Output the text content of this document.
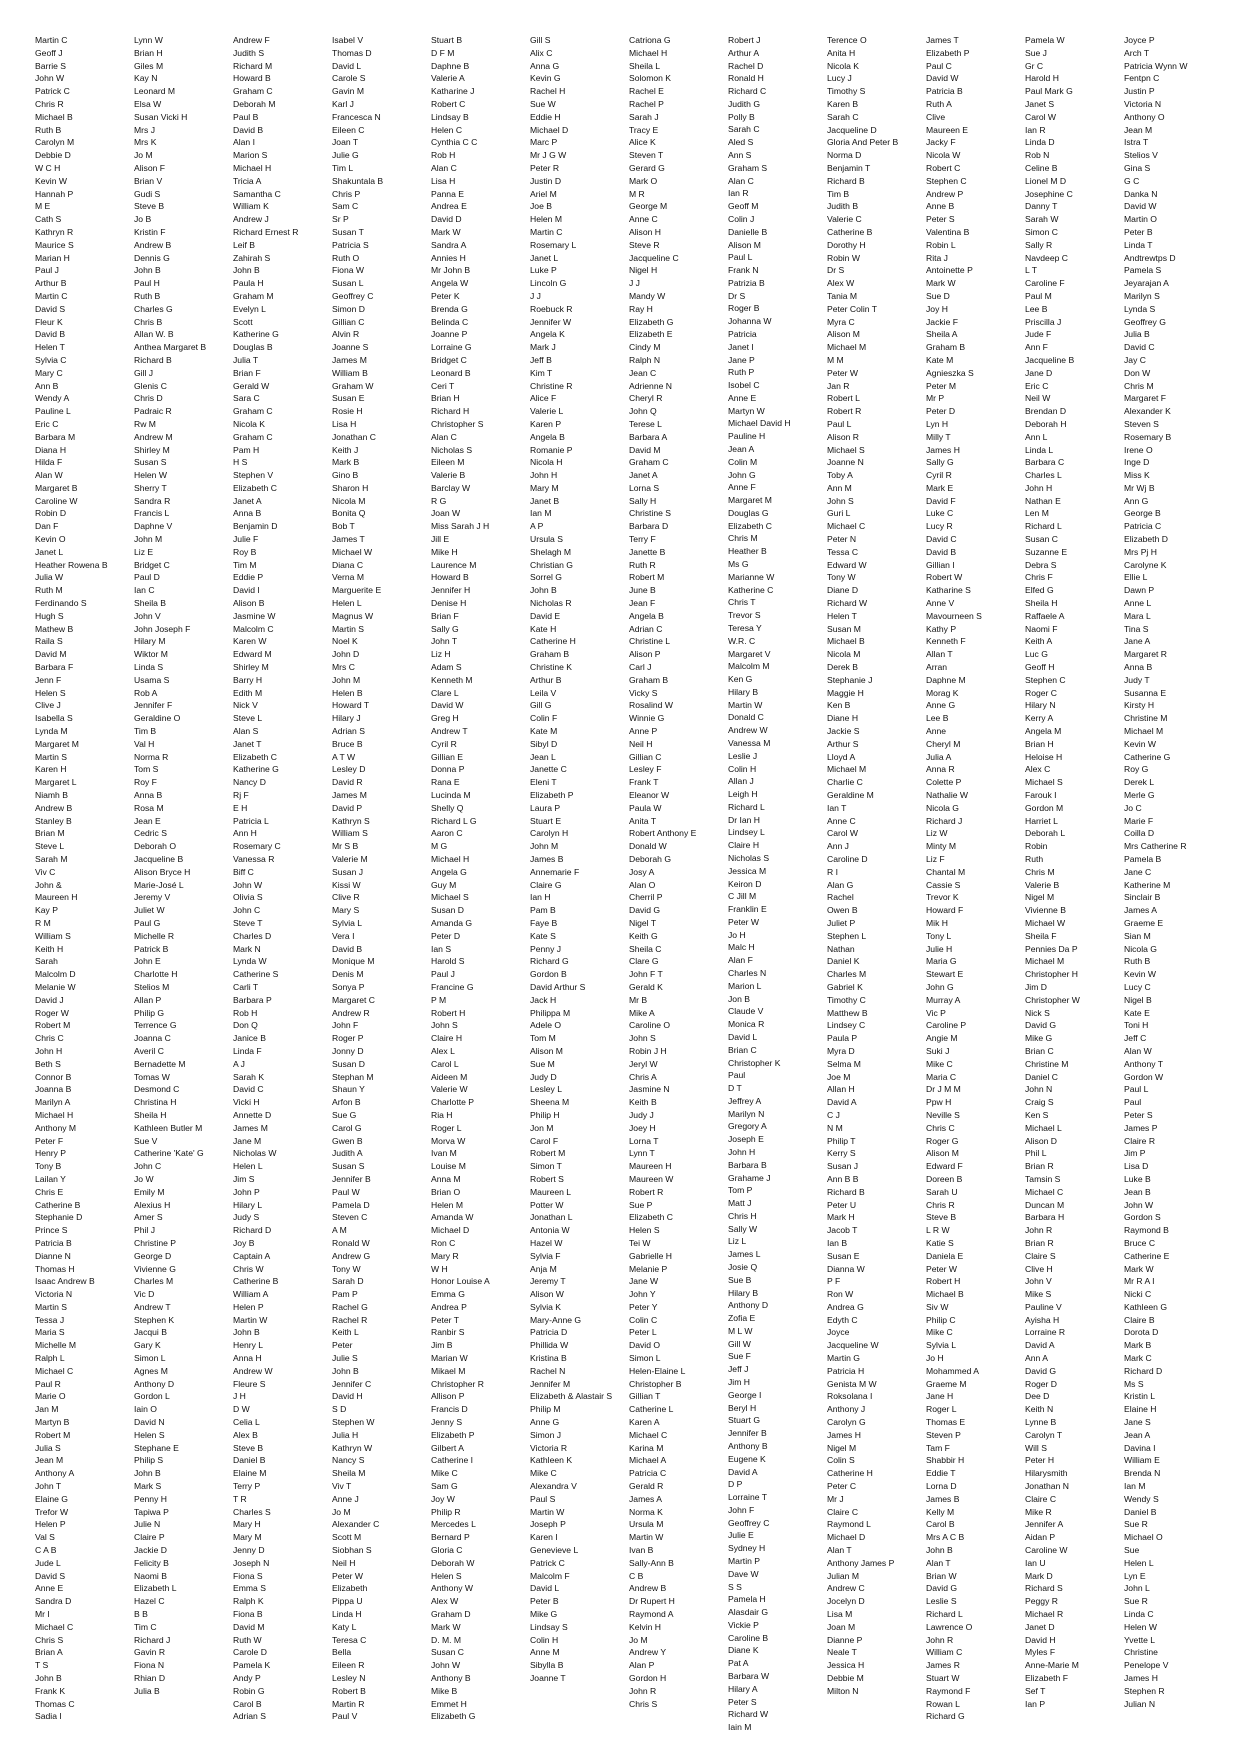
Martin C
Geoff J
Barrie S
John W
Patrick C
Chris R
Michael B
Ruth B
Carolyn M
Debbie D
W C H
Kevin W
Hannah P
M E
Cath S
Kathryn R
Maurice S
Marian H
Paul J
Arthur B
Martin C
David S
Fleur K
David B
Helen T
Sylvia C
Mary C
Ann B
Wendy A
Pauline L
Eric C
Barbara M
Diana H
Hilda F
Alan W
Margaret B
Caroline W
Robin D
Dan F
Kevin O
Janet L
Heather Rowena B
Julia W
Ruth M
Ferdinando S
Hugh S
Mathew B
Raila S
David M
Barbara F
Jenn F
Helen S
Clive J
Isabella S
Lynda M
Margaret M
Martin S
Karen H
Margaret L
Niamh B
Andrew B
Stanley B
Brian M
Steve L
Sarah M
Viv C
John &
Maureen H
Kay P
R M
William S
Keith H
Sarah
Malcolm D
Melanie W
David J
Roger W
Robert M
Chris C
John H
Beth S
Connor B
Joanna B
Marilyn A
Michael H
Anthony M
Peter F
Henry P
Tony B
Lailan Y
Chris E
Catherine B
Stephanie D
Prince S
Patricia B
Dianne N
Thomas H
Isaac Andrew B
Victoria N
Martin S
Tessa J
Maria S
Michelle M
Ralph L
Michael C
Paul R
Marie O
Jan M
Martyn B
Robert M
Julia S
Jean M
Anthony A
John T
Elaine G
Trefor W
Helen P
Val S
C A B
Jude L
David S
Anne E
Sandra D
Mr I
Michael C
Chris S
Brian A
T S
John B
Frank K
Thomas C
Sadia I
Lynn W
Brian H
Giles M
Kay N
Leonard M
Elsa W
Susan Vicki H
Mrs J
Mrs K
Jo M
Alison F
Brian V
Gudi S
Steve B
Jo B
Kristin F
Andrew B
Dennis G
John B
Paul H
Ruth B
Charles G
Chris B
Allan W. B
Anthea Margaret B
Richard B
Gill J
Glenis C
Chris D
Padraic R
Rw M
Andrew M
Shirley M
Susan S
Helen W
Sherry T
Sandra R
Francis L
Daphne V
John M
Liz E
Bridget C
Paul D
Ian C
Sheila B
John V
John Joseph F
Hilary M
Wiktor M
Linda S
Usama S
Rob A
Jennifer F
Geraldine O
Tim B
Val H
Norma R
Tom S
Roy F
Anna B
Rosa M
Jean E
Cedric S
Deborah O
Jacqueline B
Alison Bryce H
Marie-José L
Jeremy V
Juliet W
Paul G
Michelle R
Patrick B
John E
Charlotte H
Stelios M
Allan P
Philip G
Terrence G
Joanna C
Averil C
Bernadette M
Tomas W
Desmond C
Christina H
Sheila H
Kathleen Butler M
Sue V
Catherine 'Kate' G
John C
Jo W
Emily M
Alexius H
Amer S
Phil J
Christine P
George D
Vivienne G
Charles M
Vic D
Andrew T
Stephen K
Jacqui B
Gary K
Simon L
Agnes M
Anthony D
Gordon L
Iain O
David N
Helen S
Stephane E
Philip S
John B
Mark S
Penny H
Tapiwa P
Julie N
Claire P
Jackie D
Felicity B
Naomi B
Elizabeth L
Hazel C
B B
Tim C
Richard J
Gavin R
Fiona N
Rhian D
Julia B
Andrew F
Judith S
Richard M
Howard B
Graham C
Deborah M
Paul B
David B
Alan I
Marion S
Michael H
Tricia A
Samantha C
William K
Andrew J
Richard Ernest R
Leif B
Zahirah S
John B
Paula H
Graham M
Evelyn L
Scott
Katherine G
Douglas B
Julia T
Brian F
Gerald W
Sara C
Graham C
Nicola K
Graham C
Pam H
H S
Stephen V
Elizabeth C
Janet A
Anna B
Benjamin D
Julie F
Roy B
Tim M
Eddie P
David I
Alison B
Jasmine W
Malcolm C
Karen W
Edward M
Shirley M
Barry H
Edith M
Nick V
Steve L
Alan S
Janet T
Elizabeth C
Katherine G
Nancy D
Rj F
E H
Patricia L
Ann H
Rosemary C
Vanessa R
Biff C
John W
Olivia S
John C
Steve T
Charles D
Mark N
Lynda W
Catherine S
Carli T
Barbara P
Rob H
Don Q
Janice B
Linda F
A J
Sarah K
David C
Vicki H
Annette D
James M
Jane M
Nicholas W
Helen L
Jim S
John P
Hilary L
Judy S
Richard D
Joy B
Captain A
Chris W
Catherine B
William A
Helen P
Martin W
John B
Henry L
Anna H
Andrew W
Fleure S
J H
D W
Celia L
Alex B
Steve B
Daniel B
Elaine M
Terry P
T R
Charles S
Mary H
Mary M
Jenny D
Joseph N
Fiona S
Emma S
Ralph K
Fiona B
David M
Ruth W
Carole D
Pamela K
Andy P
Robin G
Carol B
Adrian S
Isabel V
Thomas D
David L
Carole S
Gavin M
Karl J
Francesca N
Eileen C
Joan T
Julie G
Tim L
Shakuntala B
Chris P
Sam C
Sr P
Susan T
Patricia S
Ruth O
Fiona W
Susan L
Geoffrey C
Simon D
Gillian C
Alvin R
Joanne S
James M
William B
Graham W
Susan E
Rosie H
Lisa H
Jonathan C
Keith J
Mark B
Gino B
Sharon H
Nicola M
Bonita Q
Bob T
James T
Michael W
Diana C
Verna M
Marguerite E
Helen L
Magnus W
Martin S
Noel K
John D
Mrs C
John M
Helen B
Howard T
Hilary J
Adrian S
Bruce B
A T W
Lesley D
David R
James M
David P
Kathryn S
William S
Mr S B
Valerie M
Susan J
Kissi W
Clive R
Mary S
Sylvia L
Vera I
David B
Monique M
Denis M
Sonya P
Margaret C
Andrew R
John F
Roger P
Jonny D
Susan D
Stephan M
Shaun Y
Arfon B
Sue G
Carol G
Gwen B
Judith A
Susan S
Jennifer B
Paul W
Pamela D
Steven C
A M
Ronald W
Andrew G
Tony W
Sarah D
Pam P
Rachel G
Rachel R
Keith L
Peter
Julie S
John B
Jennifer C
David H
S D
Stephen W
Julia H
Kathryn W
Nancy S
Sheila M
Viv T
Anne J
Jo M
Alexander C
Scott M
Siobhan S
Neil H
Peter W
Elizabeth
Pippa U
Linda H
Katy L
Teresa C
Bella
Eileen R
Lesley N
Robert B
Martin R
Paul V
Stuart B
D F M
Daphne B
Valerie A
Katharine J
Robert C
Lindsay B
Helen C
Cynthia C C
Rob H
Alan C
Lisa H
Panna E
Andrea E
David D
Mark W
Sandra A
Annies H
Mr John B
Angela W
Peter K
Brenda G
Belinda C
Joanne P
Lorraine G
Bridget C
Leonard B
Ceri T
Brian H
Richard H
Christopher S
Alan C
Nicholas S
Eileen M
Valerie B
Barclay W
R G
Joan W
Miss Sarah J H
Jill E
Mike H
Laurence M
Howard B
Jennifer H
Denise H
Brian F
Sally G
John T
Liz H
Adam S
Kenneth M
Clare L
David W
Greg H
Andrew T
Cyril R
Gillian E
Donna P
Rana E
Lucinda M
Shelly Q
Richard L G
Aaron C
M G
Michael H
Angela G
Guy M
Michael S
Susan D
Amanda G
Peter D
Ian S
Harold S
Paul J
Francine G
P M
Robert H
John S
Claire H
Alex L
Carol L
Aideen M
Valerie W
Charlotte P
Ria H
Roger L
Morva W
Ivan M
Louise M
Anna M
Brian O
Helen M
Amanda W
Michael D
Ron C
Mary R
W H
Honor Louise A
Emma G
Andrea P
Peter T
Ranbir S
Jim B
Marian W
Mikael M
Christopher R
Allison P
Francis D
Jenny S
Elizabeth P
Gilbert A
Catherine I
Mike C
Sam G
Joy W
Philip R
Mercedes L
Bernard P
Gloria C
Deborah W
Helen S
Anthony W
Alex W
Graham D
Mark W
D. M. M
Susan C
John W
Anthony B
Mike B
Emmet H
Elizabeth G
Gill S
Alix C
Anna G
Kevin G
Rachel H
Sue W
Eddie H
Michael D
Marc P
Mr J G W
Peter R
Justin D
Ariel M
Joe B
Helen M
Martin C
Rosemary L
Janet L
Luke P
Lincoln G
J J
Roebuck R
Jennifer W
Angela K
Mark J
Jeff B
Kim T
Christine R
Alice F
Valerie L
Karen P
Angela B
Romanie P
Nicola H
John H
Mary M
Janet B
Ian M
A P
Ursula S
Shelagh M
Christian G
Sorrel G
John B
Nicholas R
David E
Kate H
Catherine H
Graham B
Christine K
Arthur B
Leila V
Gill G
Colin F
Kate M
Sibyl D
Jean L
Janette C
Eleni T
Elizabeth P
Laura P
Stuart E
Carolyn H
John M
James B
Annemarie F
Claire G
Ian H
Pam B
Faye B
Kate S
Penny J
Richard G
Gordon B
David Arthur S
Jack H
Philippa M
Adele O
Tom M
Alison M
Sue M
Judy D
Lesley L
Sheena M
Philip H
Jon M
Carol F
Robert M
Simon T
Robert S
Maureen L
Potter W
Jonathan L
Antonia W
Hazel W
Sylvia F
Anja M
Jeremy T
Alison W
Sylvia K
Mary-Anne G
Patricia D
Phillida W
Kristina B
Rachel N
Jennifer M
Elizabeth & Alastair S
Philip M
Anne G
Simon J
Victoria R
Kathleen K
Mike C
Alexandra V
Paul S
Martin W
Joseph P
Karen I
Genevieve L
Patrick C
Malcolm F
David L
Peter B
Mike G
Lindsay S
Colin H
Anne M
Sibylla B
Joanne T
Catriona G
Michael H
Sheila L
Solomon K
Rachel E
Rachel P
Sarah J
Tracy E
Alice K
Steven T
Gerard G
Mark O
M R
George M
Anne C
Alison H
Steve R
Jacqueline C
Nigel H
J J
Mandy W
Ray H
Elizabeth G
Elizabeth E
Cindy M
Ralph N
Jean C
Adrienne N
Cheryl R
John Q
Terese L
Barbara A
David M
Graham C
Janet A
Lorna S
Sally H
Christine S
Barbara D
Terry F
Janette B
Ruth R
Robert M
June B
Jean F
Angela B
Adrian C
Christine L
Alison P
Carl J
Graham B
Vicky S
Rosalind W
Winnie G
Anne P
Neil H
Gillian C
Lesley F
Frank T
Eleanor W
Paula W
Anita T
Robert Anthony E
Donald W
Deborah G
Josy A
Alan O
Cherril P
David G
Nigel T
Keith G
Sheila C
Clare G
John F T
Gerald K
Mr B
Mike A
Caroline O
John S
Robin J H
Jeryl W
Chris A
Jasmine N
Keith B
Judy J
Joey H
Lorna T
Lynn T
Maureen H
Maureen W
Robert R
Sue P
Elizabeth C
Helen S
Tei W
Gabrielle H
Melanie P
Jane W
John Y
Peter Y
Colin C
Peter L
David O
Simon L
Helen-Elaine L
Christopher B
Gillian T
Catherine L
Karen A
Michael C
Karina M
Michael A
Patricia C
Gerald R
James A
Norma K
Ursula M
Martin W
Ivan B
Sally-Ann B
C B
Andrew B
Dr Rupert H
Raymond A
Kelvin H
Jo M
Andrew Y
Alan P
Gordon H
John R
Chris S
Robert J
Arthur A
Rachel D
Ronald H
Richard C
Judith G
Polly B
Sarah C
Aled S
Ann S
Graham S
Alan C
Ian R
Geoff M
Colin J
Danielle B
Alison M
Paul L
Frank N
Patrizia B
Dr S
Roger B
Johanna W
Patricia
Janet I
Jane P
Ruth P
Isobel C
Anne E
Martyn W
Michael David H
Pauline H
Jean A
Colin M
John G
Anne F
Margaret M
Douglas G
Elizabeth C
Chris M
Heather B
Ms G
Marianne W
Katherine C
Chris T
Trevor S
Teresa Y
W.R. C
Margaret V
Malcolm M
Ken G
Hilary B
Martin W
Donald C
Andrew W
Vanessa M
Leslie J
Colin H
Allan J
Leigh H
Richard L
Dr Ian H
Lindsey L
Claire H
Nicholas S
Jessica M
Keiron D
C Jill M
Franklin E
Peter W
Jo H
Malc H
Alan F
Charles N
Marion L
Jon B
Claude V
Monica R
David L
Brian C
Christopher K
Paul
D T
Jeffrey A
Marilyn N
Gregory A
Joseph E
John H
Barbara B
Grahame J
Tom P
Matt J
Chris H
Sally W
Liz L
James L
Josie Q
Sue B
Hilary B
Anthony D
Zofia E
M L W
Gill W
Sue F
Jeff J
Jim H
George I
Beryl H
Stuart G
Jennifer B
Anthony B
Eugene K
David A
D P
Lorraine T
John F
Geoffrey C
Julie E
Sydney H
Martin P
Dave W
S S
Pamela H
Alasdair G
Vickie P
Caroline B
Diane K
Pat A
Barbara W
Hilary A
Peter S
Richard W
Iain M
Terence O
Anita H
Nicola K
Lucy J
Timothy S
Karen B
Sarah C
Jacqueline D
Gloria And Peter B
Norma D
Benjamin T
Richard B
Tim B
Judith B
Valerie C
Catherine B
Dorothy H
Robin W
Dr S
Alex W
Tania M
Peter Colin T
Myra C
Alison M
Michael M
M M
Peter W
Jan R
Robert L
Robert R
Paul L
Alison R
Michael S
Joanne N
Toby A
Ann M
John S
Guri L
Michael C
Peter N
Tessa C
Edward W
Tony W
Diane D
Richard W
Helen T
Susan M
Michael B
Nicola M
Derek B
Stephanie J
Maggie H
Ken B
Diane H
Jackie S
Arthur S
Lloyd A
Michael M
Charlie C
Geraldine M
Ian T
Anne C
Carol W
Ann J
Caroline D
R I
Alan G
Rachel
Owen B
Juliet P
Stephen L
Nathan
Daniel K
Charles M
Gabriel K
Timothy C
Matthew B
Lindsey C
Paula P
Myra D
Selma M
Joe M
Allan H
David A
C J
N M
Philip T
Kerry S
Susan J
Ann B B
Richard B
Peter U
Mark H
Jacob T
Ian B
Susan E
Dianna W
P F
Ron W
Andrea G
Edyth C
Joyce
Jacqueline W
Martin G
Patricia H
Genista M W
Roksolana I
Anthony J
Carolyn G
James H
Nigel M
Colin S
Catherine H
Peter C
Mr J
Claire C
Raymond L
Michael D
Alan T
Anthony James P
Julian M
Andrew C
Jocelyn D
Lisa M
Joan M
Dianne P
Neale T
Jessica H
Debbie M
Milton N
James T
Elizabeth P
Paul C
David W
Patricia B
Ruth A
Clive
Maureen E
Jacky F
Nicola W
Robert C
Stephen C
Andrew P
Anne B
Peter S
Valentina B
Robin L
Rita J
Antoinette P
Mark W
Sue D
Joy H
Jackie F
Sheila A
Graham B
Kate M
Agnieszka S
Peter M
Mr P
Peter D
Lyn H
Milly T
James H
Sally G
Cyril R
Mark E
David F
Luke C
Lucy R
David C
David B
Gillian I
Robert W
Katharine S
Anne V
Mavourneen S
Kathy P
Kenneth F
Allan T
Arran
Daphne M
Morag K
Anne G
Lee B
Anne
Cheryl M
Julia A
Anna R
Colette P
Nathalie W
Nicola G
Richard J
Liz W
Minty M
Liz F
Chantal M
Cassie S
Trevor K
Howard F
Mik H
Tony L
Julie H
Maria G
Stewart E
John G
Murray A
Vic P
Caroline P
Angie M
Suki J
Mike C
Maria C
Dr J M M
Ppw H
Neville S
Chris C
Roger G
Alison M
Edward F
Doreen B
Sarah U
Chris R
Steve B
L R W
Katie S
Daniela E
Peter W
Robert H
Michael B
Siv W
Philip C
Mike C
Sylvia L
Jo H
Mohammed A
Graeme M
Jane H
Roger L
Thomas E
Steven P
Tam F
Shabbir H
Eddie T
Lorna D
James B
Kelly M
Carol B
Mrs A C B
John B
Alan T
Brian W
David G
Leslie S
Richard L
Lawrence O
John R
William C
James R
Stuart W
Raymond F
Rowan L
Richard G
Pamela W
Sue J
Gr C
Harold H
Paul Mark G
Janet S
Carol W
Ian R
Linda D
Rob N
Celine B
Lionel M D
Josephine C
Danny T
Sarah W
Simon C
Sally R
Navdeep C
L T
Caroline F
Paul M
Lee B
Priscilla J
Jude F
Ann F
Jacqueline B
Jane D
Eric C
Neil W
Brendan D
Deborah H
Ann L
Linda L
Barbara C
Charles L
John H
Nathan E
Len M
Richard L
Susan C
Suzanne E
Debra S
Chris F
Elfed G
Sheila H
Raffaele A
Naomi F
Keith A
Luc G
Geoff H
Stephen C
Roger C
Hilary N
Kerry A
Angela M
Brian H
Heloise H
Alex C
Michael S
Farouk I
Gordon M
Harriet L
Deborah L
Robin
Ruth
Chris M
Valerie B
Nigel M
Vivienne B
Michael W
Sheila F
Pennies Da P
Michael M
Christopher H
Jim D
Christopher W
Nick S
David G
Mike G
Brian C
Christine M
Daniel C
John N
Craig S
Ken S
Michael L
Alison D
Phil L
Brian R
Tamsin S
Michael C
Duncan M
Barbara H
John R
Brian R
Claire S
Clive H
John V
Mike S
Pauline V
Ayisha H
Lorraine R
David A
Ann A
David G
Roger D
Dee D
Keith N
Lynne B
Carolyn T
Will S
Peter H
Hilarysmith
Jonathan N
Claire C
Mike R
Jennifer A
Aidan P
Caroline W
Ian U
Mark D
Richard S
Peggy R
Michael R
Janet D
David H
Myles F
Anne-Marie M
Elizabeth F
Sef T
Ian P
Joyce P
Arch T
Patricia Wynn W
Fentpn C
Justin P
Victoria N
Anthony O
Jean M
Istra T
Stelios V
Gina S
G C
Danka N
David W
Martin O
Peter B
Linda T
Andtrewtps D
Pamela S
Jeyarajan A
Marilyn S
Lynda S
Geoffrey G
Julia B
David C
Jay C
Don W
Chris M
Margaret F
Alexander K
Steven S
Rosemary B
Irene O
Inge D
Miss K
Mr Wj B
Ann G
George B
Patricia C
Elizabeth D
Mrs Pj H
Carolyne K
Ellie L
Dawn P
Anne L
Mara L
Tina S
Jane A
Margaret R
Anna B
Judy T
Susanna E
Kirsty H
Christine M
Michael M
Kevin W
Catherine G
Roy G
Derek L
Merle G
Jo C
Marie F
Coilla D
Mrs Catherine R
Pamela B
Jane C
Katherine M
Sinclair B
James A
Graeme E
Sian M
Nicola G
Ruth B
Kevin W
Lucy C
Nigel B
Kate E
Toni H
Jeff C
Alan W
Anthony T
Gordon W
Paul L
Paul
Peter S
James P
Claire R
Jim P
Lisa D
Luke B
Jean B
John W
Gordon S
Raymond B
Bruce C
Catherine E
Mark W
Mr R A I
Nicki C
Kathleen G
Claire B
Dorota D
Mark B
Mark C
Richard D
Ms S
Kristin L
Elaine H
Jane S
Jean A
Davina I
William E
Brenda N
Ian M
Wendy S
Daniel B
Sue R
Michael O
Sue
Helen L
Lyn E
John L
Sue R
Linda C
Helen W
Yvette L
Christine
Penelope V
James H
Stephen R
Julian N
